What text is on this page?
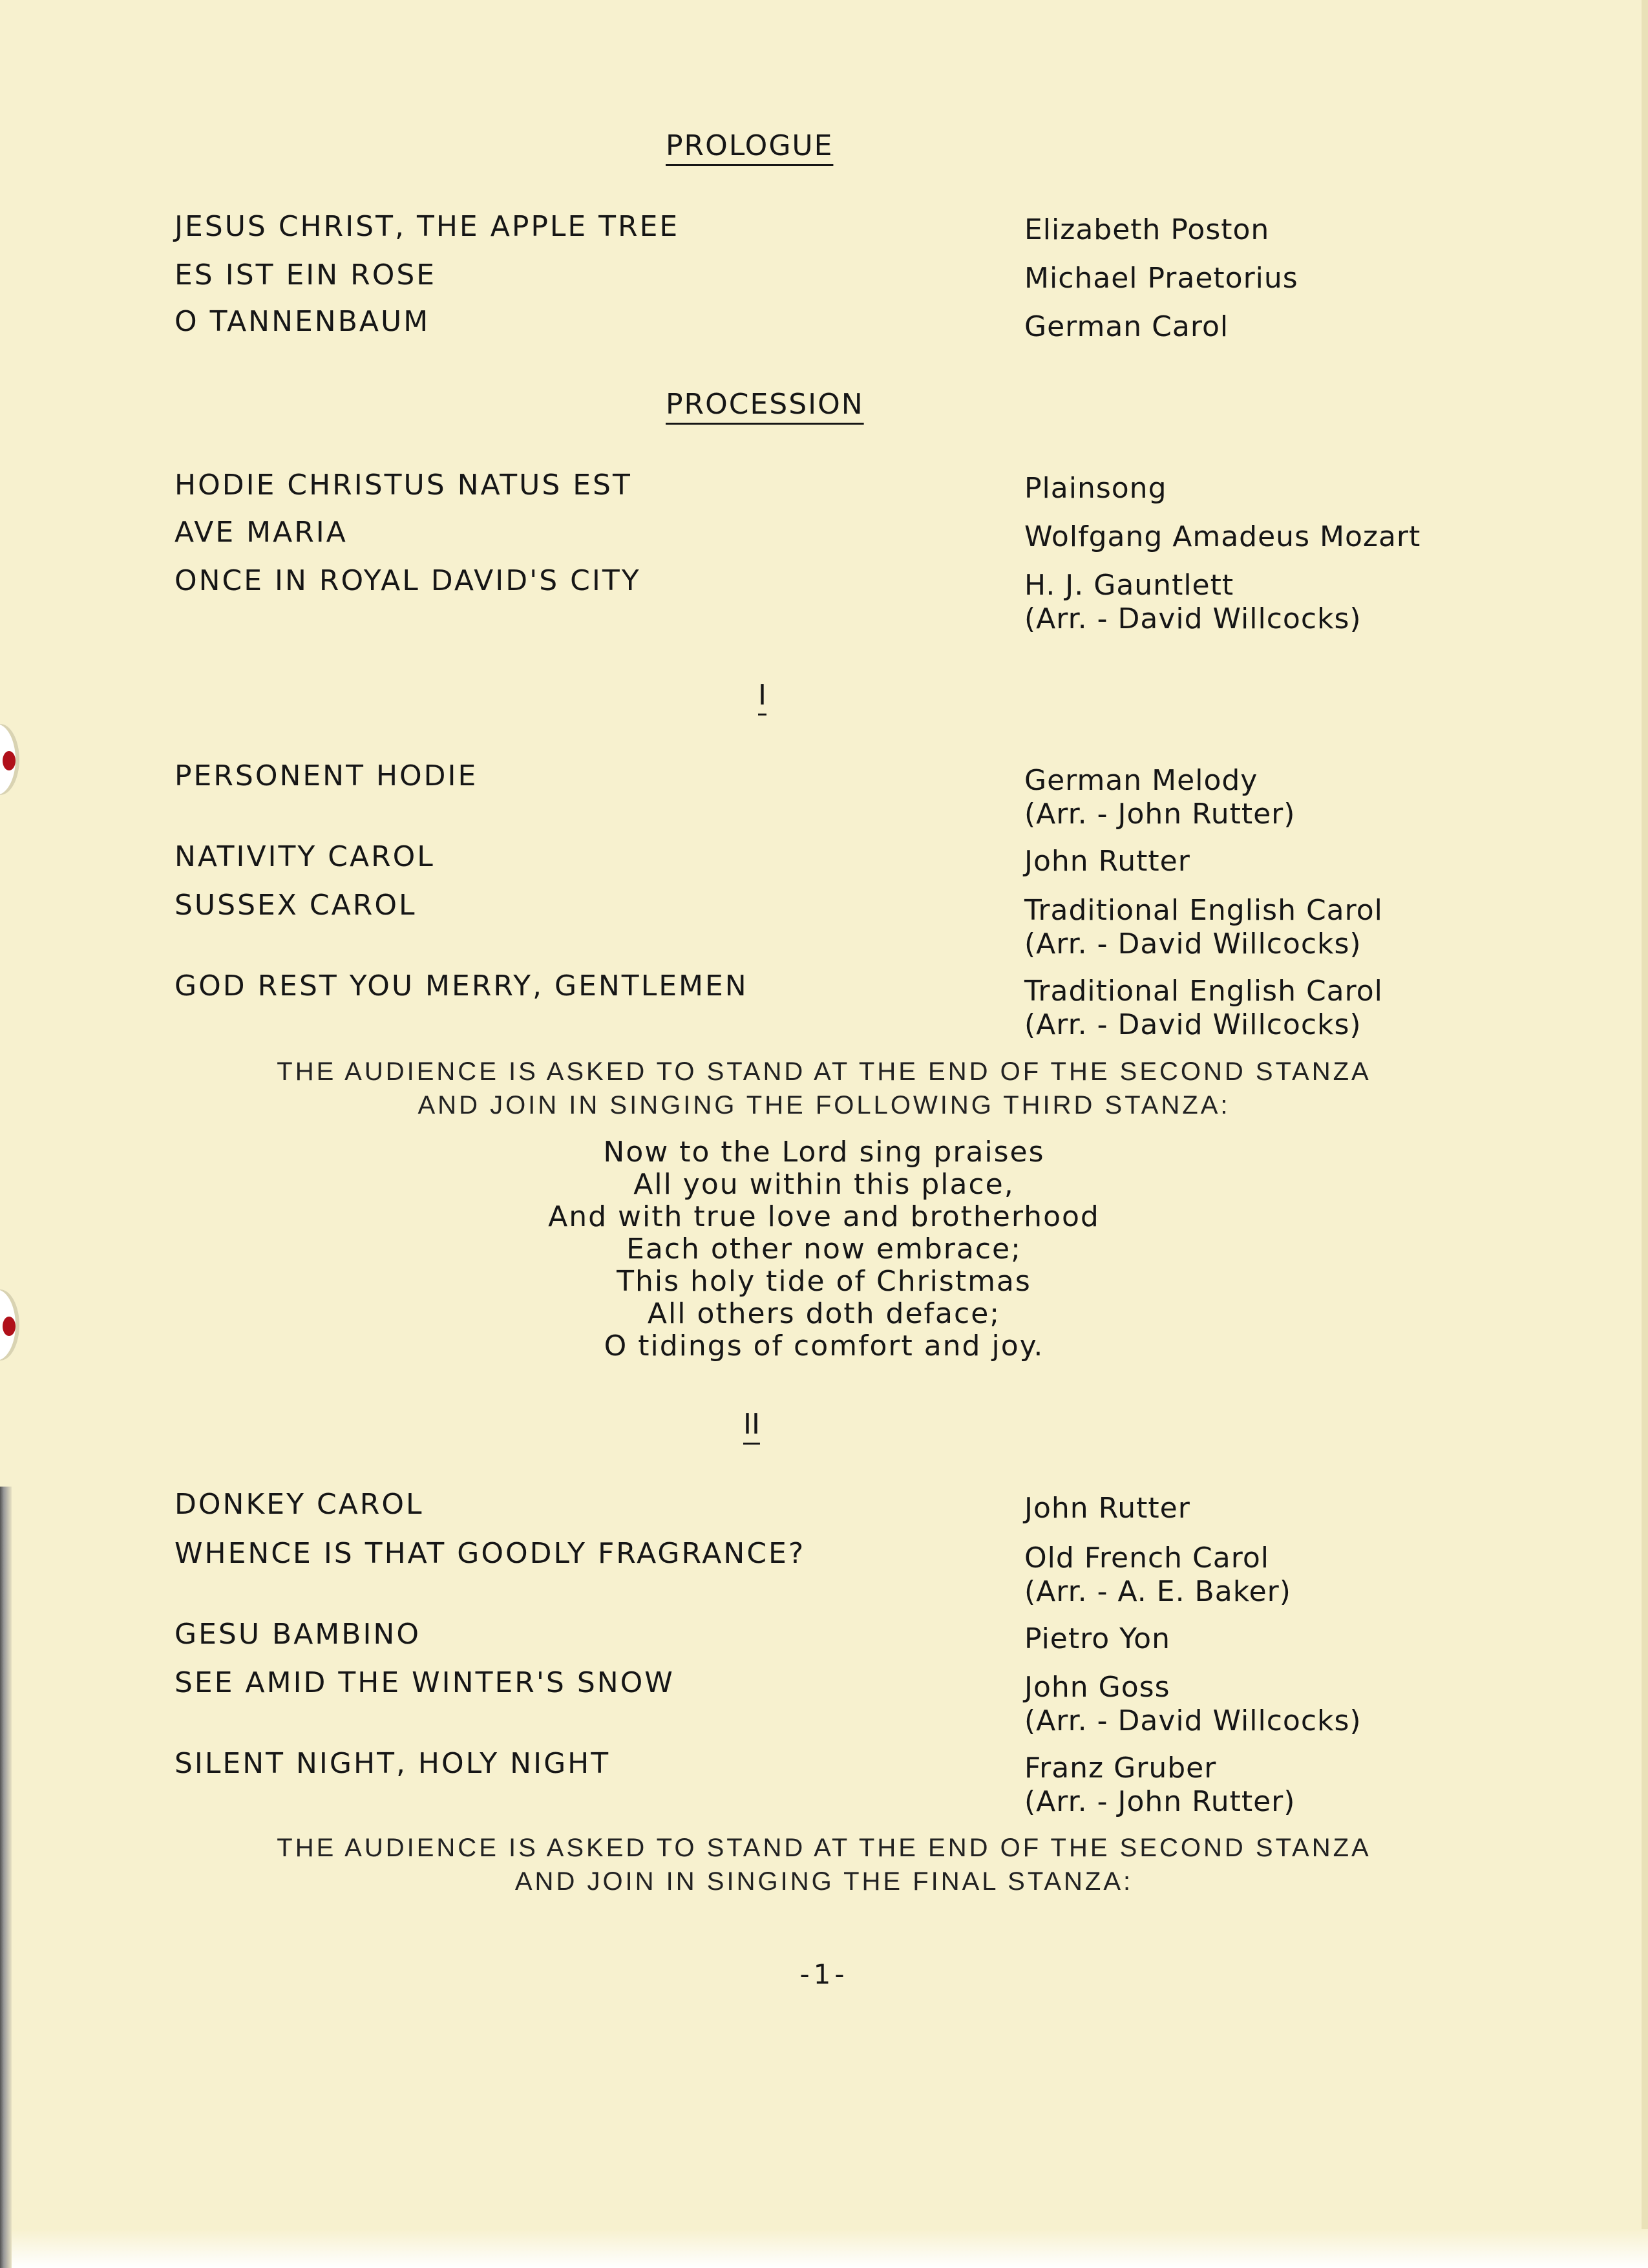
PROLOGUE
JESUS CHRIST, THE APPLE TREE	Elizabeth Poston
ES IST EIN ROSE	Michael Praetorius
O TANNENBAUM	German Carol
PROCESSION
HODIE CHRISTUS NATUS EST	Plainsong
AVE MARIA	Wolfgang Amadeus Mozart
ONCE IN ROYAL DAVID'S CITY	H. J. Gauntlett
(Arr. - David Willcocks)
I
PERSONENT HODIE	German Melody
(Arr. - John Rutter)
NATIVITY CAROL	John Rutter
SUSSEX CAROL	Traditional English Carol
(Arr. - David Willcocks)
GOD REST YOU MERRY, GENTLEMEN	Traditional English Carol
(Arr. - David Willcocks)
THE AUDIENCE IS ASKED TO STAND AT THE END OF THE SECOND STANZA
AND JOIN IN SINGING THE FOLLOWING THIRD STANZA:
Now to the Lord sing praises
All you within this place,
And with true love and brotherhood
Each other now embrace;
This holy tide of Christmas
All others doth deface;
O tidings of comfort and joy.
II
DONKEY CAROL	John Rutter
WHENCE IS THAT GOODLY FRAGRANCE?	Old French Carol
(Arr. - A. E. Baker)
GESU BAMBINO	Pietro Yon
SEE AMID THE WINTER'S SNOW	John Goss
(Arr. - David Willcocks)
SILENT NIGHT, HOLY NIGHT	Franz Gruber
(Arr. - John Rutter)
THE AUDIENCE IS ASKED TO STAND AT THE END OF THE SECOND STANZA
AND JOIN IN SINGING THE FINAL STANZA:
-1-
